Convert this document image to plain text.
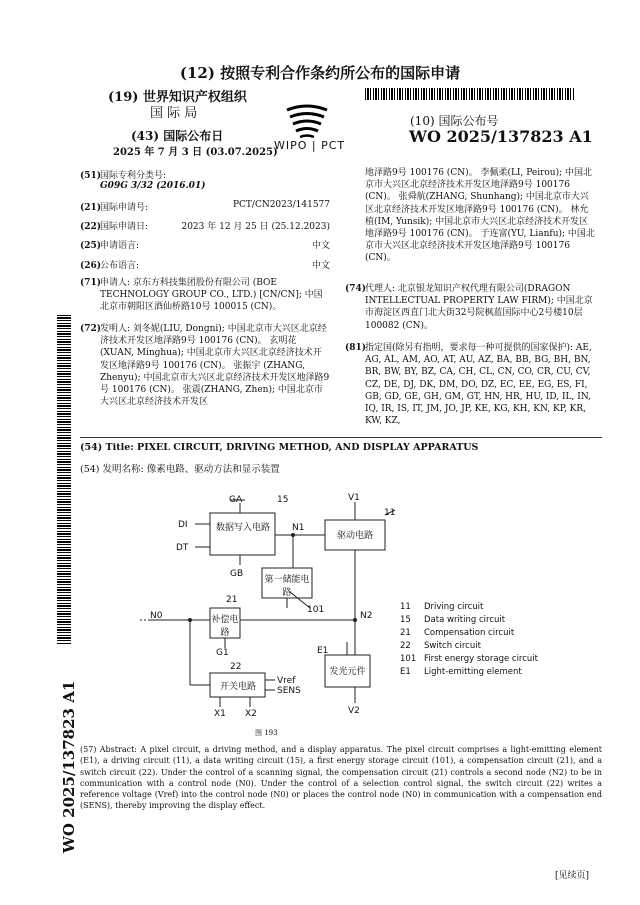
(12) 按照专利合作条约所公布的国际申请
(19) 世界知识产权组织
国 际 局
(43) 国际公布日
2025 年 7 月 3 日 (03.07.2025)
WIPO | PCT
(10) 国际公布号
WO 2025/137823 A1
(51)国际专利分类号:
G09G 3/32 (2016.01)
(21)国际申请号:	PCT/CN2023/141577
(22)国际申请日:	2023 年 12 月 25 日 (25.12.2023)
(25)申请语言:	中文
(26)公布语言:	中文
(71)
申请人: 京东方科技集团股份有限公司 (BOE TECHNOLOGY GROUP CO., LTD.) [CN/CN]; 中国北京市朝阳区酒仙桥路10号 100015 (CN)。
(72)
发明人: 刘冬妮(LIU, Dongni); 中国北京市大兴区北京经济技术开发区地泽路9号 100176 (CN)。 玄明花(XUAN, Minghua); 中国北京市大兴区北京经济技术开发区地泽路9号 100176 (CN)。 张振宇 (ZHANG, Zhenyu); 中国北京市大兴区北京经济技术开发区地泽路9号 100176 (CN)。 张震(ZHANG, Zhen); 中国北京市大兴区北京经济技术开发区
地泽路9号 100176 (CN)。 李佩柔(LI, Peirou); 中国北京市大兴区北京经济技术开发区地泽路9号 100176 (CN)。 张舜航(ZHANG, Shunhang); 中国北京市大兴区北京经济技术开发区地泽路9号 100176 (CN)。 林允植(IM, Yunsik); 中国北京市大兴区北京经济技术开发区地泽路9号 100176 (CN)。 于连富(YU, Lianfu); 中国北京市大兴区北京经济技术开发区地泽路9号 100176 (CN)。
(74)
代理人: 北京银龙知识产权代理有限公司(DRAGON INTELLECTUAL PROPERTY LAW FIRM); 中国北京市海淀区西直门北大街32号院枫蓝国际中心2号楼10层 100082 (CN)。
(81)
指定国(除另有指明，要求每一种可提供的国家保护): AE, AG, AL, AM, AO, AT, AU, AZ, BA, BB, BG, BH, BN, BR, BW, BY, BZ, CA, CH, CL, CN, CO, CR, CU, CV, CZ, DE, DJ, DK, DM, DO, DZ, EC, EE, EG, ES, FI, GB, GD, GE, GH, GM, GT, HN, HR, HU, ID, IL, IN, IQ, IR, IS, IT, JM, JO, JP, KE, KG, KH, KN, KP, KR, KW, KZ,
(54) Title: PIXEL CIRCUIT, DRIVING METHOD, AND DISPLAY APPARATUS
(54) 发明名称: 像素电路、驱动方法和显示装置
GA	15	V1
11
DI
DT
N1
GB
21
101
N0	N2
G1	E1
22
Vref
SENS
X1 X2	V2
数据写入电路
驱动电路
第一储能电路
补偿电路
开关电路
发光元件
11 Driving circuit
15 Data writing circuit
21 Compensation circuit
22 Switch circuit
101 First energy storage circuit
E1 Light-emitting element
图 193
(57) Abstract: A pixel circuit, a driving method, and a display apparatus. The pixel circuit comprises a light-emitting element (E1), a driving circuit (11), a data writing circuit (15), a first energy storage circuit (101), a compensation circuit (21), and a switch circuit (22). Under the control of a scanning signal, the compensation circuit (21) controls a second node (N2) to be in communication with a control node (N0). Under the control of a selection control signal, the switch circuit (22) writes a reference voltage (Vref) into the control node (N0) or places the control node (N0) in communication with a compensation end (SENS), thereby improving the display effect.
[见续页]
WO 2025/137823 A1
